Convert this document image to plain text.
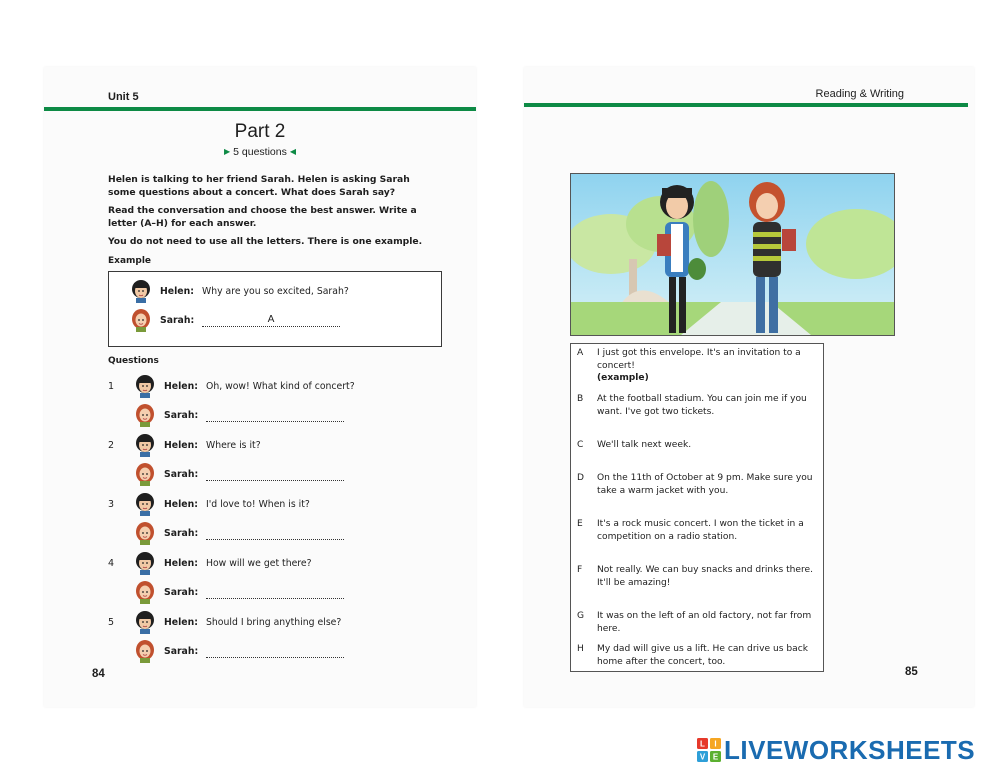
Unit 5
Part 2
▶ 5 questions ◀

Helen is talking to her friend Sarah. Helen is asking Sarah some questions about a concert. What does Sarah say?

Read the conversation and choose the best answer. Write a letter (A–H) for each answer.

You do not need to use all the letters. There is one example.

Example
Helen: Why are you so excited, Sarah?
Sarah:	A
Questions
1	Helen: Oh, wow! What kind of concert?
Sarah:
2	Helen: Where is it?
Sarah:
3	Helen: I'd love to! When is it?
Sarah:
4	Helen: How will we get there?
Sarah:
5	Helen: Should I bring anything else?
Sarah:
84
Reading & Writing
A I just got this envelope. It's an invitation to a concert!
(example)
B At the football stadium. You can join me if you want. I've got two tickets.
C We'll talk next week.
D On the 11th of October at 9 pm. Make sure you take a warm jacket with you.
E It's a rock music concert. I won the ticket in a competition on a radio station.
F Not really. We can buy snacks and drinks there. It'll be amazing!
G It was on the left of an old factory, not far from here.
H My dad will give us a lift. He can drive us back home after the concert, too.
85
L I
V E LIVEWORKSHEETS
